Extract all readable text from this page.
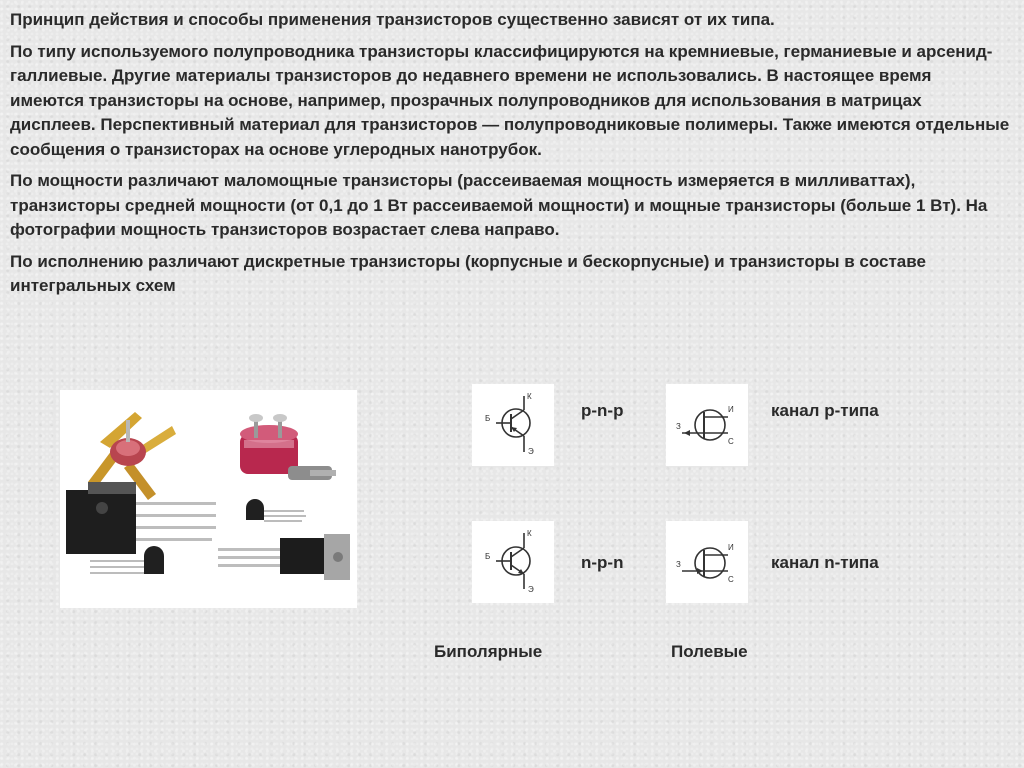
Принцип действия и способы применения транзисторов существенно зависят от их типа.

По типу используемого полупроводника транзисторы классифицируются на кремниевые, германиевые и арсенид-галлиевые. Другие материалы транзисторов до недавнего времени не использовались. В настоящее время имеются транзисторы на основе, например, прозрачных полупроводников для использования в матрицах дисплеев. Перспективный материал для транзисторов — полупроводниковые полимеры. Также имеются отдельные сообщения о транзисторах на основе углеродных нанотрубок.

По мощности различают маломощные транзисторы (рассеиваемая мощность измеряется в милливаттах), транзисторы средней мощности (от 0,1 до 1 Вт рассеиваемой мощности) и мощные транзисторы (больше 1 Вт). На фотографии мощность транзисторов возрастает слева направо.

По исполнению различают дискретные транзисторы (корпусные и бескорпусные) и транзисторы в составе интегральных схем

К
Б
Э
p-n-p
К
Б
Э
n-p-n
И
З
С
канал p-типа
И
З
С
канал n-типа
Биполярные	Полевые
